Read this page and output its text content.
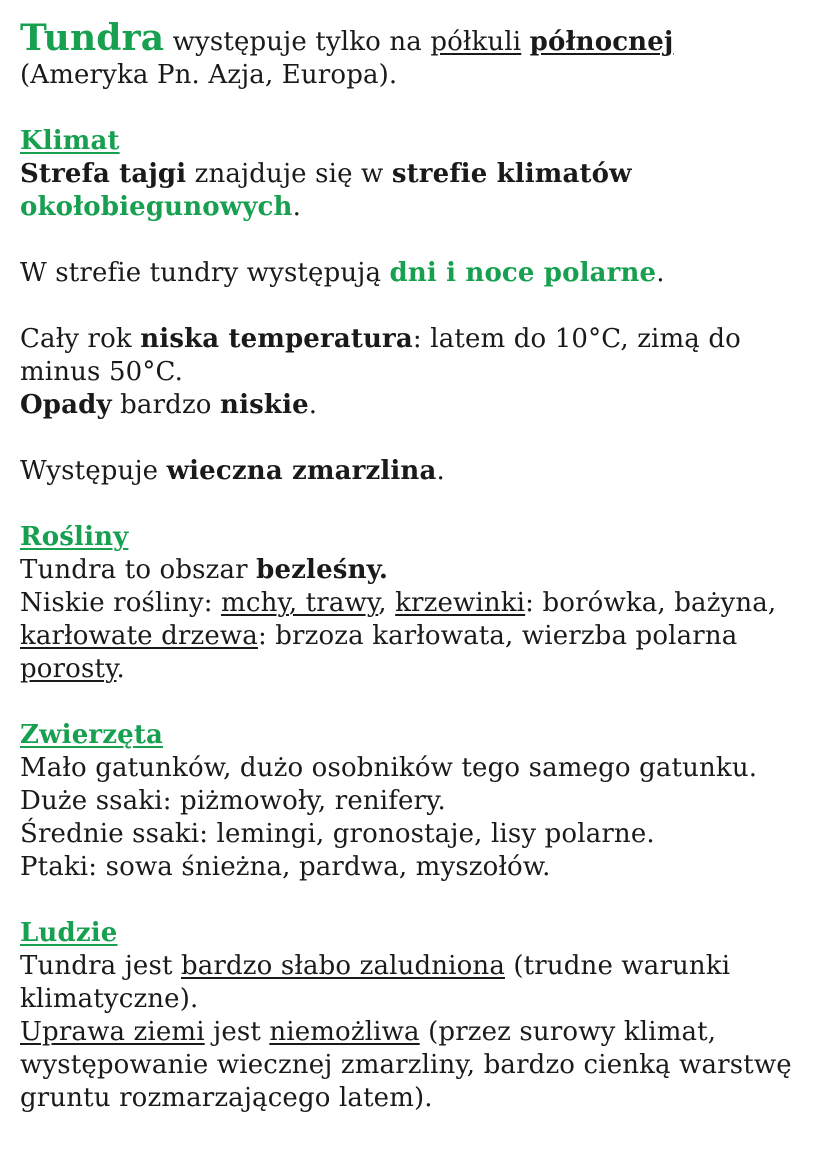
Tundra występuje tylko na półkuli północnej

(Ameryka Pn. Azja, Europa).

Klimat

Strefa tajgi znajduje się w strefie klimatów

okołobiegunowych.

W strefie tundry występują dni i noce polarne.

Cały rok niska temperatura: latem do 10°C, zimą do

minus 50°C.

Opady bardzo niskie.

Występuje wieczna zmarzlina.

Rośliny

Tundra to obszar bezleśny.

Niskie rośliny: mchy, trawy, krzewinki: borówka, bażyna,

karłowate drzewa: brzoza karłowata, wierzba polarna

porosty.

Zwierzęta

Mało gatunków, dużo osobników tego samego gatunku.

Duże ssaki: piżmowoły, renifery.

Średnie ssaki: lemingi, gronostaje, lisy polarne.

Ptaki: sowa śnieżna, pardwa, myszołów.

Ludzie

Tundra jest bardzo słabo zaludniona (trudne warunki

klimatyczne).

Uprawa ziemi jest niemożliwa (przez surowy klimat,

występowanie wiecznej zmarzliny, bardzo cienką warstwę

gruntu rozmarzającego latem).
